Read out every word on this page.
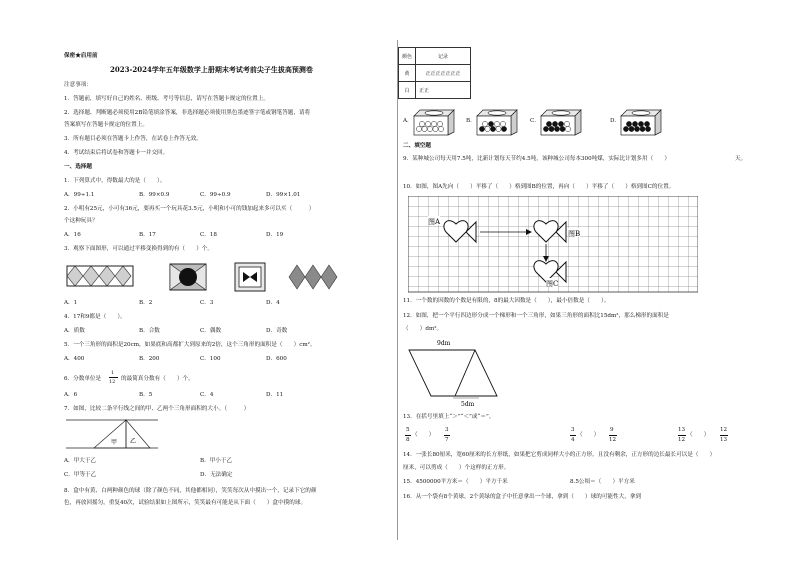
保密★启用前
2023-2024学年五年级数学上册期末考试考前尖子生拔高预测卷
注意事项：
1．答题前，填写好自己的姓名、班级、考号等信息，请写在答题卡规定的位置上。
2．选择题、判断题必须使用2B铅笔填涂答案，非选择题必须使用黑色墨迹签字笔或钢笔答题，请将
答案填写在答题卡规定的位置上。
3．所有题目必须在答题卡上作答，在试卷上作答无效。
4．考试结束后将试卷和答题卡一并交回。
一、选择题
1．下列算式中，得数最大的是（　　）。
A．99÷1.1	B．99×0.9	C．99÷0.9	D．99×1.01
2．小明有25元，小可有36元，要再买一个玩具花3.5元，小明和小可的钱加起来多可以买（　　　）
个这种玩具？
A．16	B．17	C．18	D．19
3．观察下面图形，可以通过平移变换得到的有（　　）个。
A．1	B．2	C．3	D．4
4．17和9都是（　　）。
A．质数	B．合数	C．偶数	D．奇数
5．一个三角形的面积是20cm，如果底和高都扩大到原来的2倍，这个三角形的面积是（　　）cm²。
A．400	B．200	C．100	D．600
6．分数单位是
1
12 的最简真分数有（　　）个。
A．6	B．5	C．4	D．11
7．如图，比较二条平行线之间的甲、乙两个三角形面积的大小。（　　　）
甲 乙
A．甲大于乙	B．甲小于乙
C．甲等于乙	D．无法确定
8．盒中有黄、白两种颜色的球（除了颜色不同，其他都相同），笑笑每次从中摸出一个，记录下它的颜
色，再放回摇匀，重复40次，试验结果如上图所示，笑笑最有可能是从下面（　　）盒中摸的球。
颜色	记录
黄	正正正正正正正
白	正正
A．	B．	C．	D．
二、填空题
9．某种城公司每天用7.5吨，比新计划每天节约4.5吨，该种城公司每本300吨煤，实际比计划多用（　　）	天。
10．如图，图A先向（　　）平移了（　　）格到图B的位置，再向（　　）平移了（　　）格到图C的位置。
图A
图B
图C
11．一个数的因数的个数是有限的，8的最大因数是（　　），最小倍数是（　　）。
12．如图，把一个平行四边形分成一个梯形和一个三角形，如果三角形的面积比15dm²，那么梯形的面积是
（　　）dm²。
9dm
5dm
13．在括号里填上“＞”“＜”或“＝”。
5
8
（　　）
3
7
3
4
（　　）
9
12
13
12
（　　）
12
13
14．一张长80厘米，宽60厘米的长方形纸，如果把它剪成同样大小的正方形，且没有剩余，正方形的边长最长可以是（　　）
厘米，可以剪成（　　）个这样的正方形。
15．4500000平方米＝（　　）平方千米	8.5公顷＝（　　）平方米
16．从一个袋有8个黄球，2个黄绿的盒子中任意拿出一个球，拿到（　　）球的可能性大，拿到
